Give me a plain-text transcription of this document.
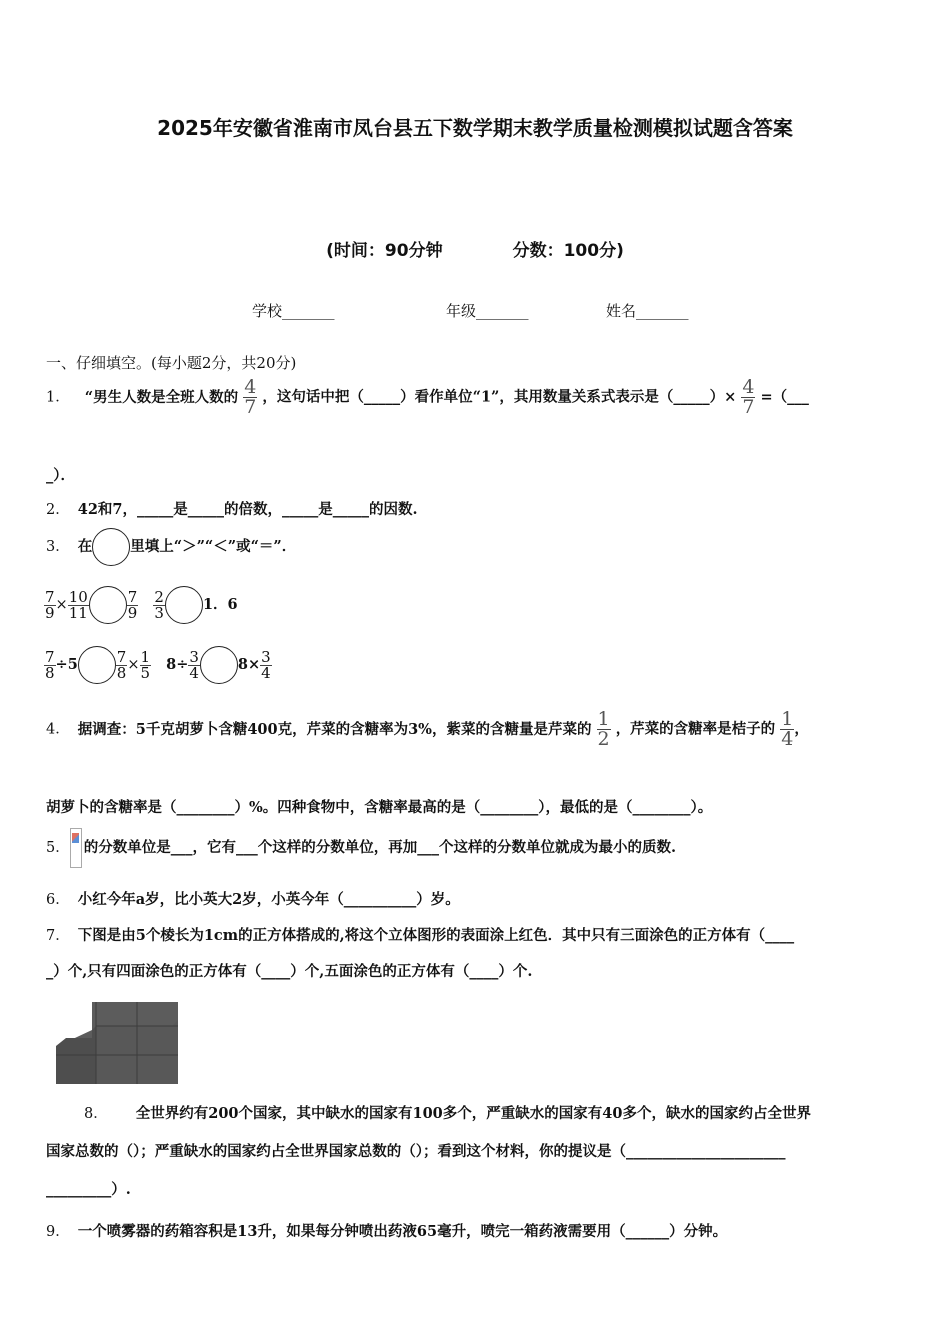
2025年安徽省淮南市凤台县五下数学期末教学质量检测模拟试题含答案
(时间：90分钟	分数：100分)
学校_______	年级_______	姓名_______
一、仔细填空。(每小题2分，共20分)
1． “男生人数是全班人数的 $\frac{4}{7}$ ，这句话中把（_____）看作单位“1”，其用数量关系式表示是（_____）× $\frac{4}{7}$ =（___
_）．
2． 42和7，_____是_____的倍数，_____是_____的因数.
3． 在	里填上“＞”“＜”或“＝”．
$\frac{7}{9} \times \frac{10}{11}$	$\frac{7}{9}$
$\frac{2}{3}$	1．6
$\frac{7}{8} \div 5$	$\frac{7}{8} \times \frac{1}{5} 8\div \frac{3}{4}$	$8\times \frac{3}{4}$
4． 据调查：5千克胡萝卜含糖400克，芹菜的含糖率为3%，紫菜的含糖量是芹菜的 $\frac{1}{2}$ ，芹菜的含糖率是桔子的 $\frac{1}{4}$ ，
胡萝卜的含糖率是（________）%。四种食物中，含糖率最高的是（________），最低的是（________）。
5． 的分数单位是___，它有___个这样的分数单位，再加___个这样的分数单位就成为最小的质数.
6． 小红今年a岁，比小英大2岁，小英今年（__________）岁。
7． 下图是由5个棱长为1cm的正方体搭成的,将这个立体图形的表面涂上红色．其中只有三面涂色的正方体有（____
_）个,只有四面涂色的正方体有（____）个,五面涂色的正方体有（____）个.
8． 全世界约有200个国家，其中缺水的国家有100多个，严重缺水的国家有40多个，缺水的国家约占全世界
国家总数的（）；严重缺水的国家约占全世界国家总数的（）；看到这个材料，你的提议是（______________________
_________）.
9． 一个喷雾器的药箱容积是13升，如果每分钟喷出药液65毫升，喷完一箱药液需要用（______）分钟。
